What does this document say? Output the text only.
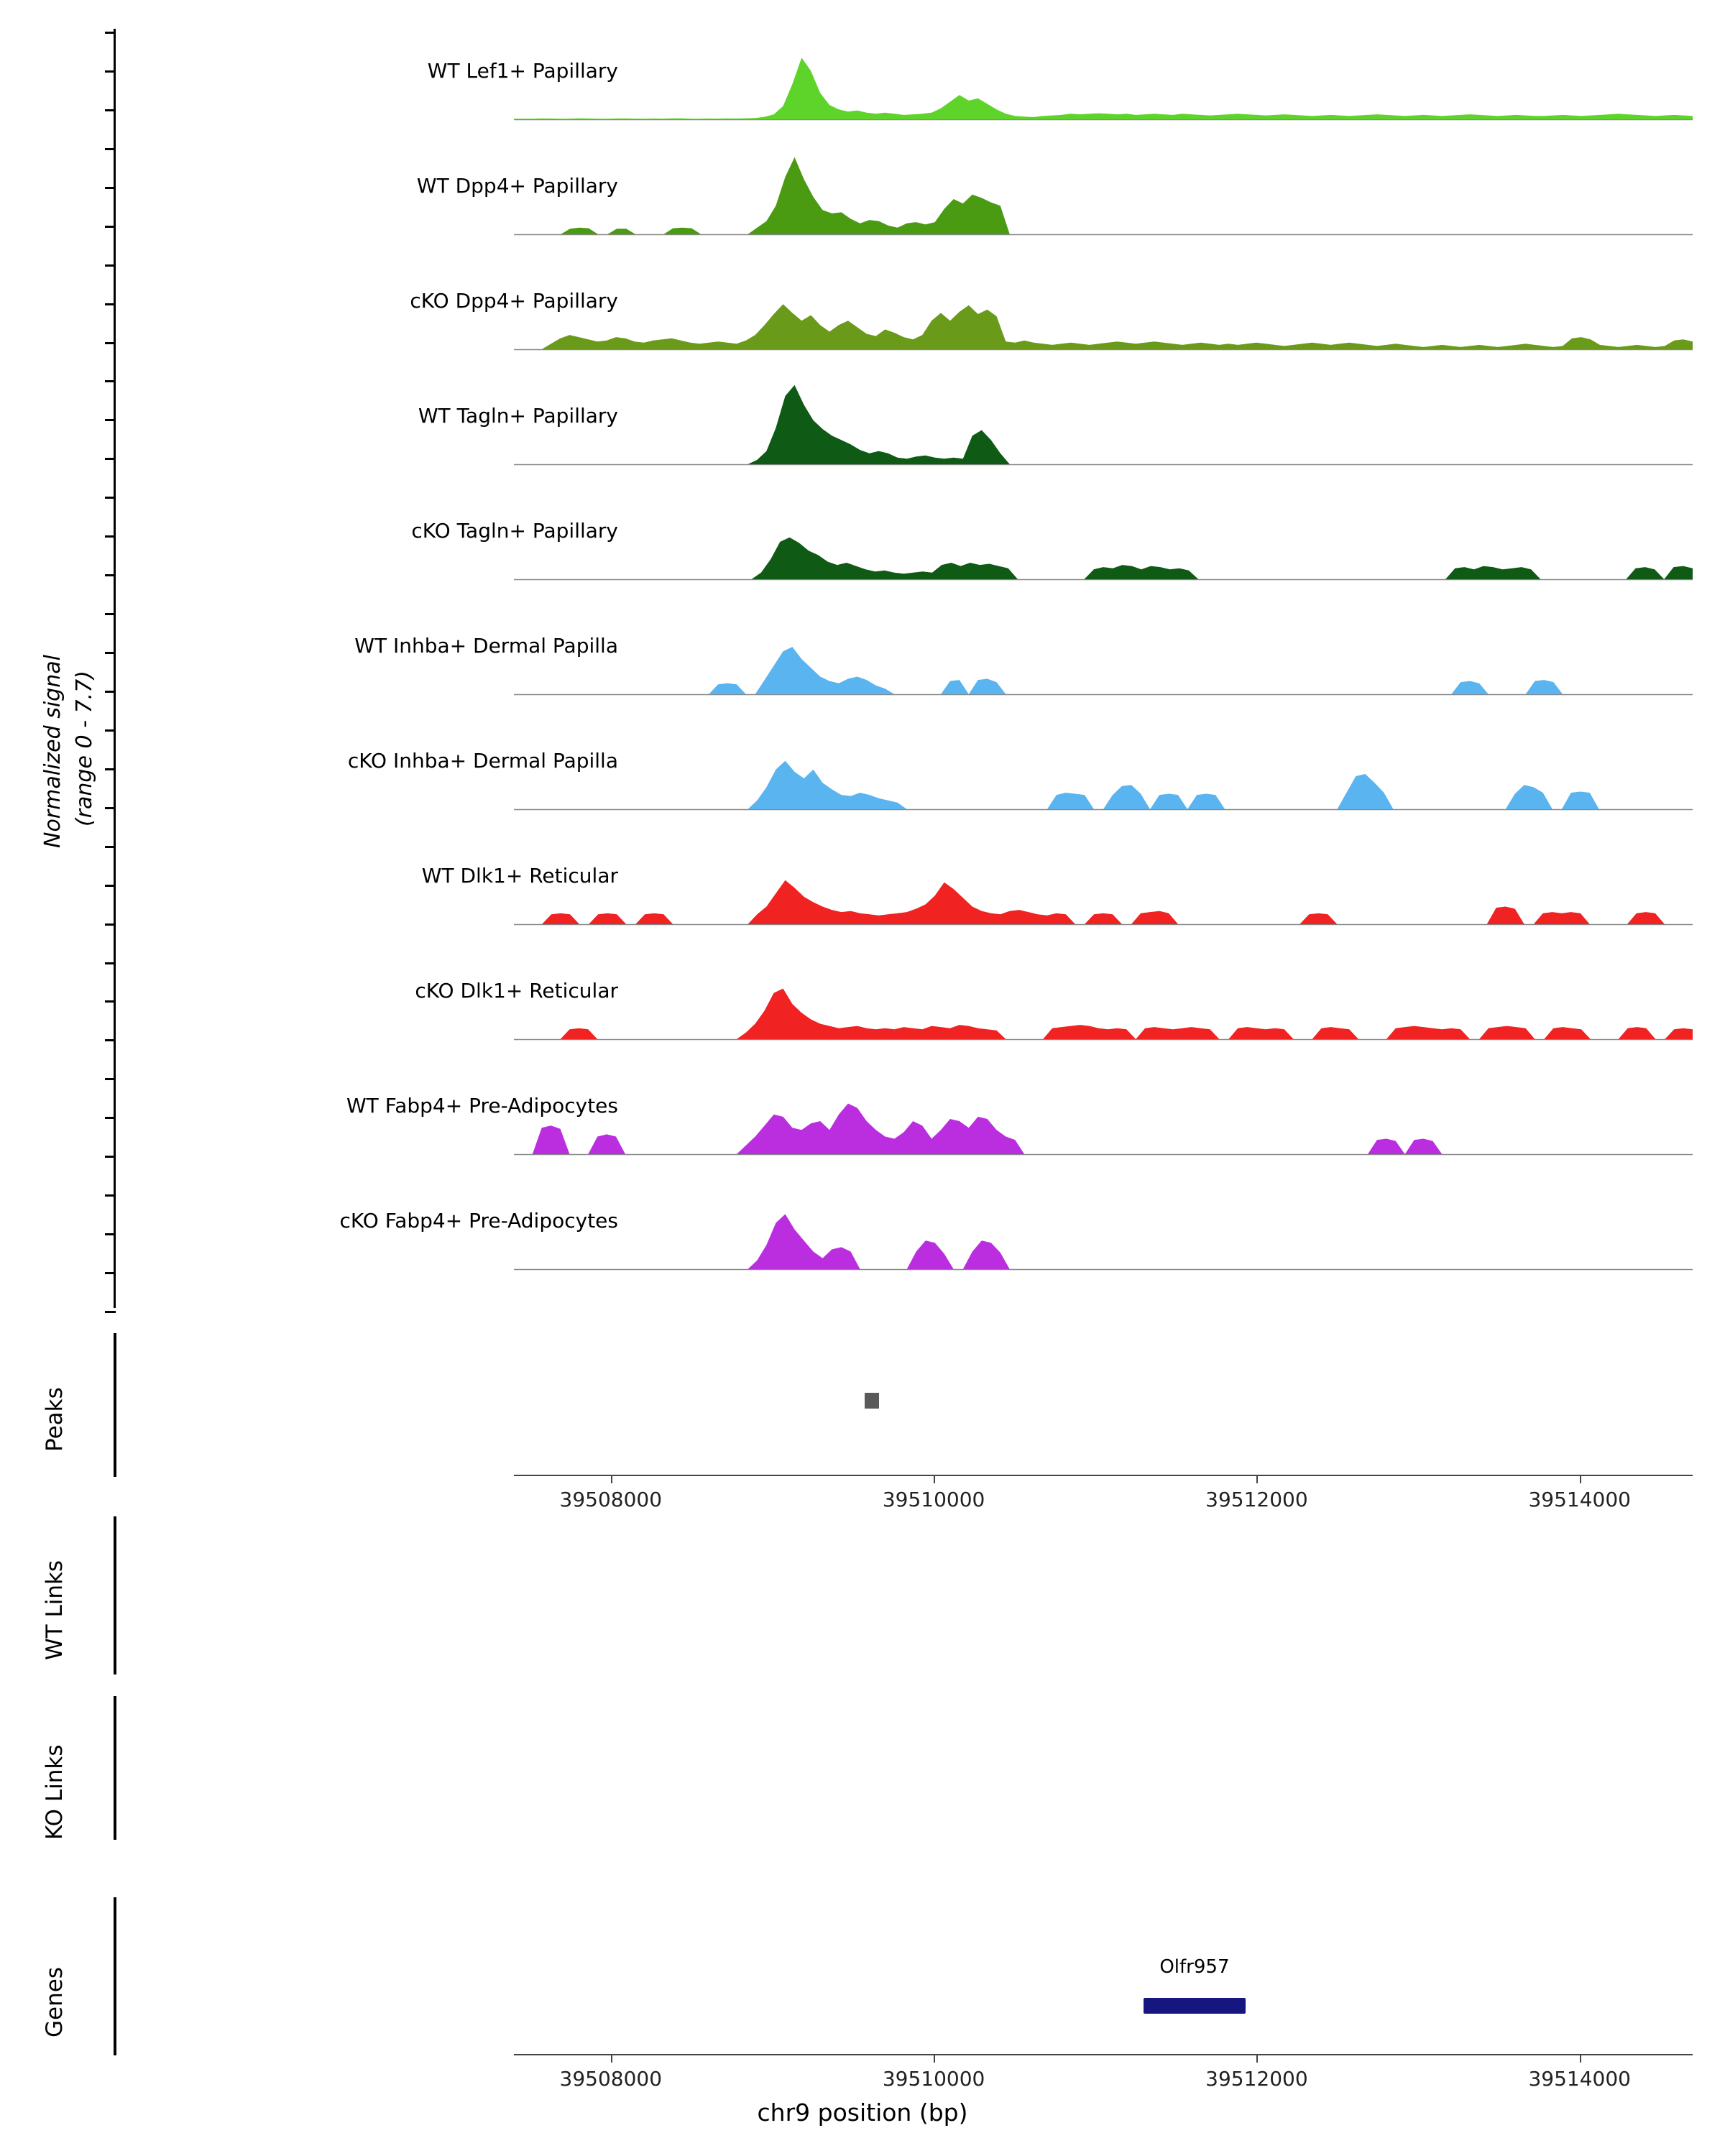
Normalized signal (range 0 - 7.7)
WT Lef1+ Papillary
WT Dpp4+ Papillary
cKO Dpp4+ Papillary
WT Tagln+ Papillary
cKO Tagln+ Papillary
WT Inhba+ Dermal Papilla
cKO Inhba+ Dermal Papilla
WT Dlk1+ Reticular
cKO Dlk1+ Reticular
WT Fabp4+ Pre-Adipocytes
cKO Fabp4+ Pre-Adipocytes
Peaks
39508000	39510000	39512000	39514000
WT Links
KO Links
Genes
Olfr957
39508000	39510000	39512000	39514000
chr9 position (bp)
